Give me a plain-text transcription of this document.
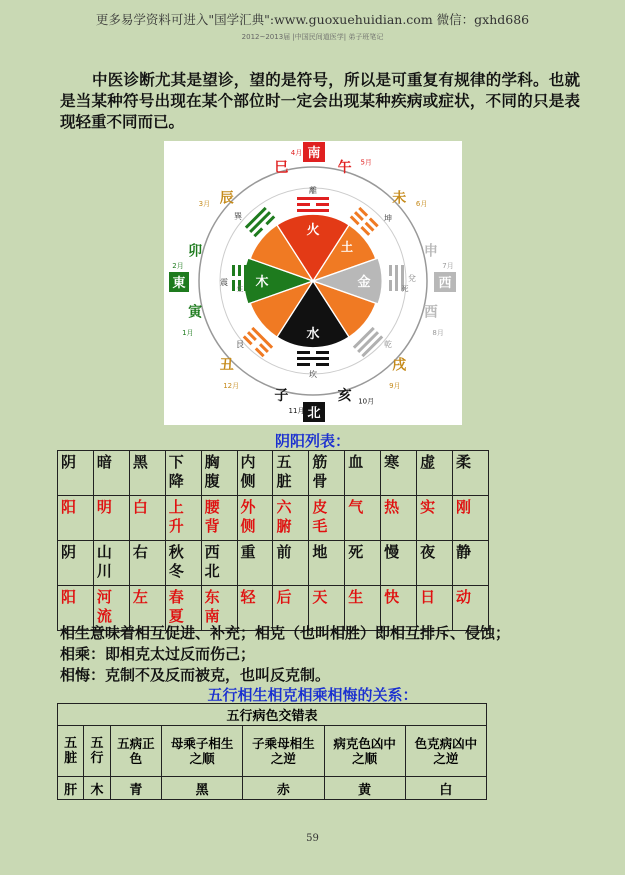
更多易学资料可进入"国学汇典":www.guoxuehuidian.com 微信：gxhd686
2012~2013届 |中国民间道医学| 弟子班笔记
中医诊断尤其是望诊，望的是符号，所以是可重复有规律的学科。也就是当某种符号出现在某个部位时一定会出现某种疾病或症状，不同的只是表现轻重不同而已。
火
土
金
水
木
離
坤
兌
乾
坎
艮
震
巽
生	死
南
北
東	西
巳
4月
午 5月
未 6月
申
7月
酉
8月
戌
9月
亥 10月
子
11月
丑
12月
寅
1月
卯
2月
辰
3月
阴阳列表：
阴	暗	黑	下降	胸腹	内侧	五脏	筋骨	血	寒	虚	柔
阳	明	白	上升	腰背	外侧	六腑	皮毛	气	热	实	刚
阴	山川	右	秋冬	西北	重	前	地	死	慢	夜	静
阳	河流	左	春夏	东南	轻	后	天	生	快	日	动
相生意味着相互促进、补充；相克（也叫相胜）即相互排斥、侵蚀；
相乘：即相克太过反而伤己；
相悔：克制不及反而被克，也叫反克制。
五行相生相克相乘相悔的关系：
五行病色交错表						
五脏	五行	五病正色	母乘子相生之顺	子乘母相生之逆	病克色凶中之顺	色克病凶中之逆
肝	木	青	黑	赤	黄	白
59
